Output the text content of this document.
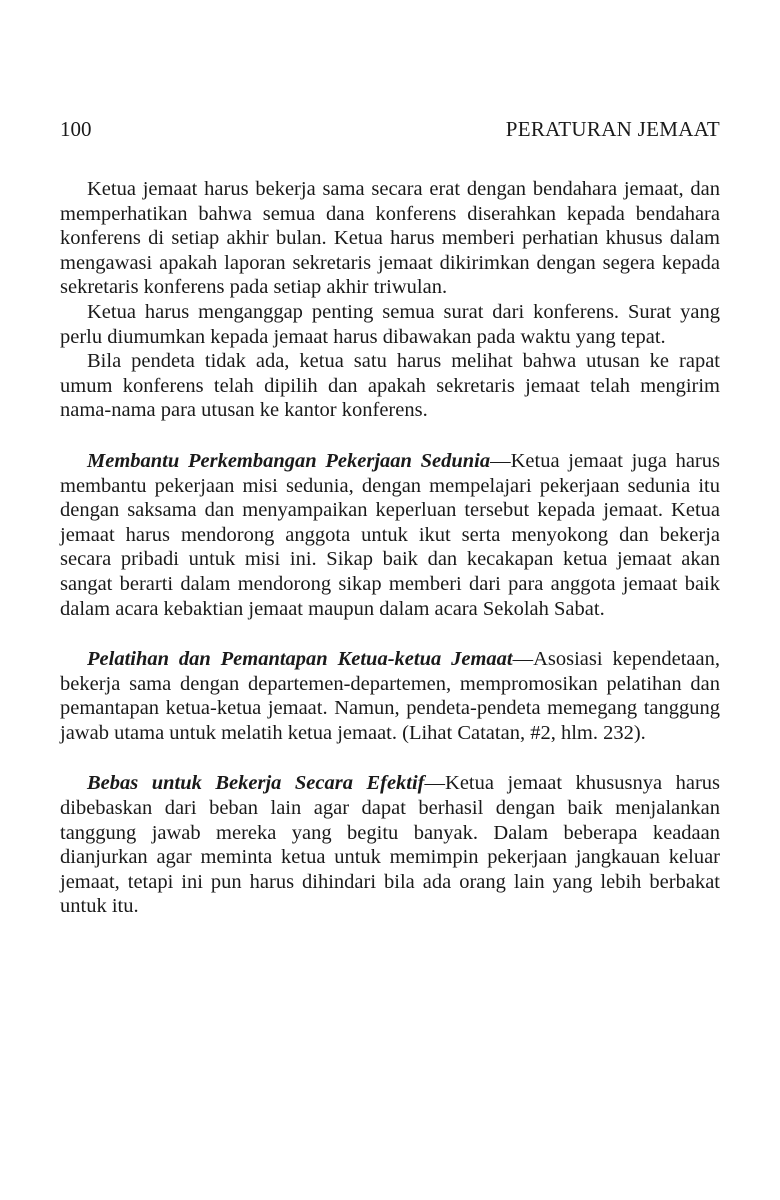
100	PERATURAN JEMAAT

Ketua jemaat harus bekerja sama secara erat dengan bendahara jemaat, dan memperhatikan bahwa semua dana konferens diserahkan kepada bendahara konferens di setiap akhir bulan. Ketua harus memberi perhatian khusus dalam mengawasi apakah laporan sekretaris jemaat dikirimkan dengan segera kepada sekretaris konferens pada setiap akhir triwulan.

Ketua harus menganggap penting semua surat dari konferens. Surat yang perlu diumumkan kepada jemaat harus dibawakan pada waktu yang tepat.

Bila pendeta tidak ada, ketua satu harus melihat bahwa utusan ke rapat umum konferens telah dipilih dan apakah sekretaris jemaat telah mengirim nama-nama para utusan ke kantor konferens.

Membantu Perkembangan Pekerjaan Sedunia—Ketua jemaat juga harus membantu pekerjaan misi sedunia, dengan mempelajari pekerjaan sedunia itu dengan saksama dan menyampaikan keperluan tersebut kepada jemaat. Ketua jemaat harus mendorong anggota untuk ikut serta menyokong dan bekerja secara pribadi untuk misi ini. Sikap baik dan kecakapan ketua jemaat akan sangat berarti dalam mendorong sikap memberi dari para anggota jemaat baik dalam acara kebaktian jemaat maupun dalam acara Sekolah Sabat.

Pelatihan dan Pemantapan Ketua-ketua Jemaat—Asosiasi kependetaan, bekerja sama dengan departemen-departemen, mempromosikan pelatihan dan pemantapan ketua-ketua jemaat. Namun, pendeta-pendeta memegang tanggung jawab utama untuk melatih ketua jemaat. (Lihat Catatan, #2, hlm. 232).

Bebas untuk Bekerja Secara Efektif—Ketua jemaat khususnya harus dibebaskan dari beban lain agar dapat berhasil dengan baik menjalankan tanggung jawab mereka yang begitu banyak. Dalam beberapa keadaan dianjurkan agar meminta ketua untuk memimpin pekerjaan jangkauan keluar jemaat, tetapi ini pun harus dihindari bila ada orang lain yang lebih berbakat untuk itu.
